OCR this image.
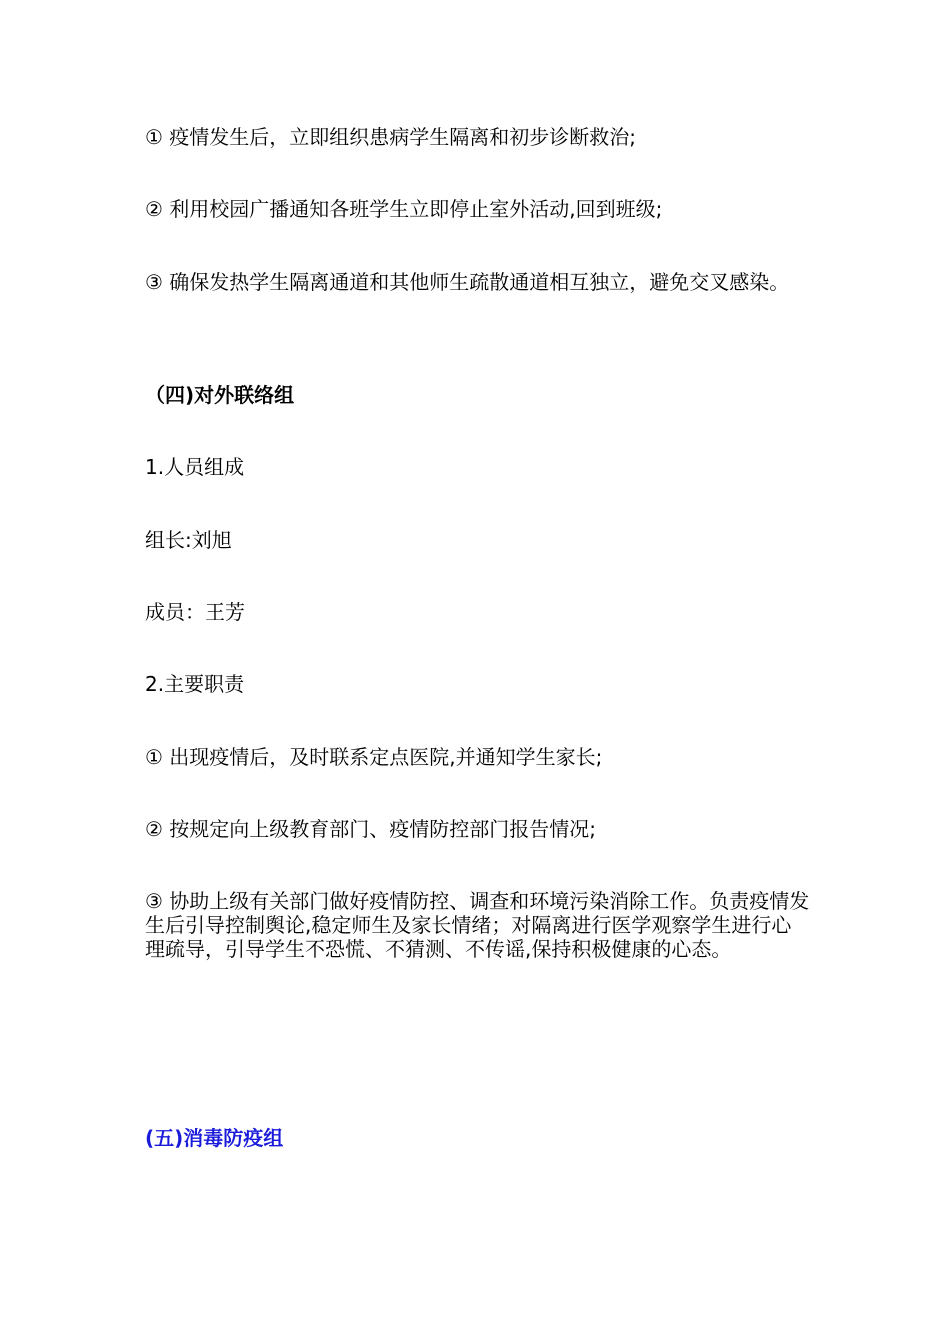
① 疫情发生后，立即组织患病学生隔离和初步诊断救治;

② 利用校园广播通知各班学生立即停止室外活动,回到班级;

③ 确保发热学生隔离通道和其他师生疏散通道相互独立，避免交叉感染。

（四)对外联络组

1.人员组成

组长:刘旭

成员：王芳

2.主要职责

① 出现疫情后，及时联系定点医院,并通知学生家长;

② 按规定向上级教育部门、疫情防控部门报告情况;

③ 协助上级有关部门做好疫情防控、调查和环境污染消除工作。负责疫情发生后引导控制舆论,稳定师生及家长情绪；对隔离进行医学观察学生进行心理疏导，引导学生不恐慌、不猜测、不传谣,保持积极健康的心态。

(五)消毒防疫组
